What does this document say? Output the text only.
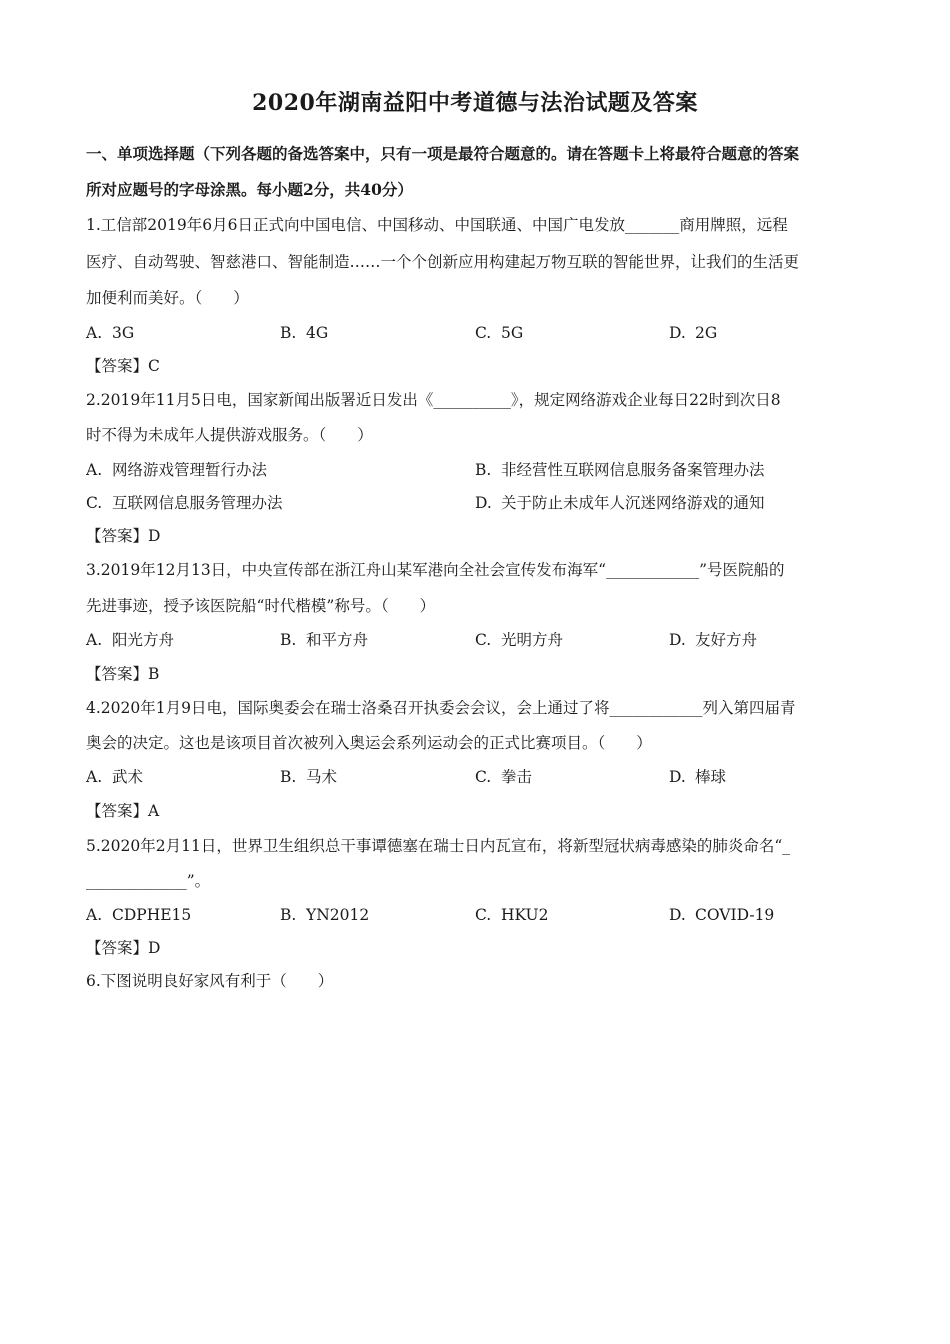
2020年湖南益阳中考道德与法治试题及答案
一、单项选择题（下列各题的备选答案中，只有一项是最符合题意的。请在答题卡上将最符合题意的答案
所对应题号的字母涂黑。每小题2分，共40分）
1.工信部2019年6月6日正式向中国电信、中国移动、中国联通、中国广电发放_______商用牌照，远程
医疗、自动驾驶、智慈港口、智能制造……一个个创新应用构建起万物互联的智能世界，让我们的生活更
加便利而美好。（　　）
A. 3G	B. 4G	C. 5G	D. 2G
【答案】C
2.2019年11月5日电，国家新闻出版署近日发出《__________》，规定网络游戏企业每日22时到次日8
时不得为未成年人提供游戏服务。（　　）
A. 网络游戏管理暂行办法	B. 非经营性互联网信息服务备案管理办法
C. 互联网信息服务管理办法	D. 关于防止未成年人沉迷网络游戏的通知
【答案】D
3.2019年12月13日，中央宣传部在浙江舟山某军港向全社会宣传发布海军“____________”号医院船的
先进事迹，授予该医院船“时代楷模”称号。（　　）
A. 阳光方舟	B. 和平方舟	C. 光明方舟	D. 友好方舟
【答案】B
4.2020年1月9日电，国际奥委会在瑞士洛桑召开执委会会议，会上通过了将____________列入第四届青
奥会的决定。这也是该项目首次被列入奥运会系列运动会的正式比赛项目。（　　）
A. 武术	B. 马术	C. 拳击	D. 棒球
【答案】A
5.2020年2月11日，世界卫生组织总干事谭德塞在瑞士日内瓦宣布，将新型冠状病毒感染的肺炎命名“_
_____________”。
A. CDPHE15	B. YN2012	C. HKU2	D. COVID-19
【答案】D
6.下图说明良好家风有利于（　　）
